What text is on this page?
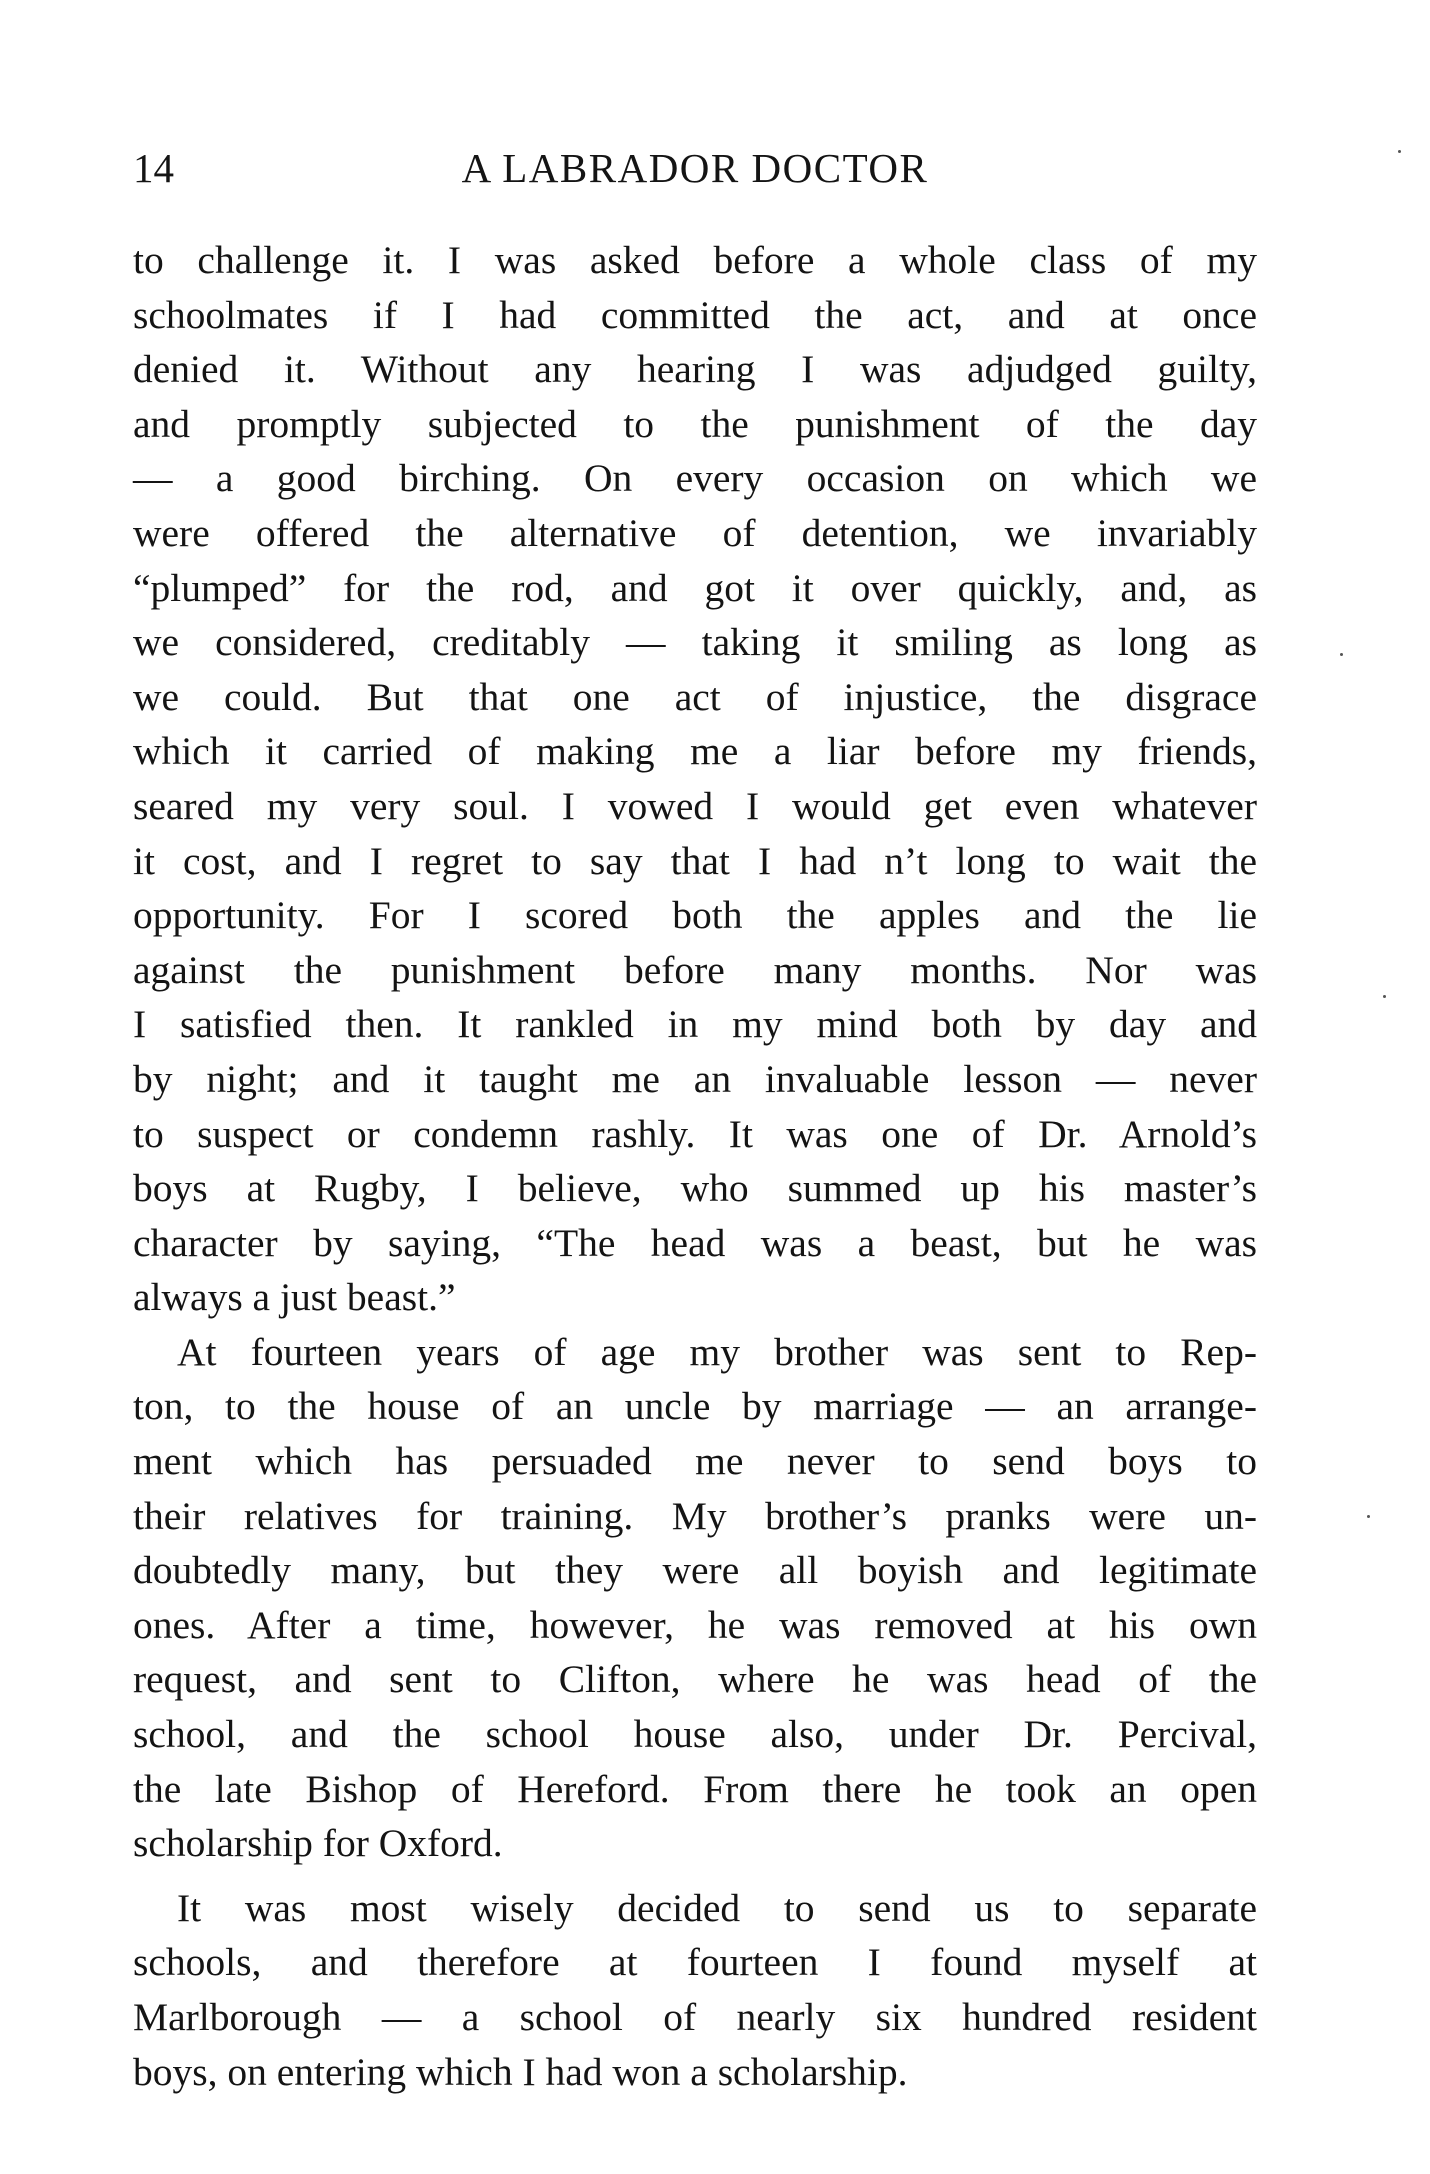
14	A LABRADOR DOCTOR
to challenge it. I was asked before a whole class of my
schoolmates if I had committed the act, and at once
denied it. Without any hearing I was adjudged guilty,
and promptly subjected to the punishment of the day
— a good birching. On every occasion on which we
were offered the alternative of detention, we invariably
“plumped” for the rod, and got it over quickly, and, as
we considered, creditably — taking it smiling as long as
we could. But that one act of injustice, the disgrace
which it carried of making me a liar before my friends,
seared my very soul. I vowed I would get even whatever
it cost, and I regret to say that I had n’t long to wait the
opportunity. For I scored both the apples and the lie
against the punishment before many months. Nor was
I satisfied then. It rankled in my mind both by day and
by night; and it taught me an invaluable lesson — never
to suspect or condemn rashly. It was one of Dr. Arnold’s
boys at Rugby, I believe, who summed up his master’s
character by saying, “The head was a beast, but he was
always a just beast.”
At fourteen years of age my brother was sent to Rep-
ton, to the house of an uncle by marriage — an arrange-
ment which has persuaded me never to send boys to
their relatives for training. My brother’s pranks were un-
doubtedly many, but they were all boyish and legitimate
ones. After a time, however, he was removed at his own
request, and sent to Clifton, where he was head of the
school, and the school house also, under Dr. Percival,
the late Bishop of Hereford. From there he took an open
scholarship for Oxford.
It was most wisely decided to send us to separate
schools, and therefore at fourteen I found myself at
Marlborough — a school of nearly six hundred resident
boys, on entering which I had won a scholarship.
